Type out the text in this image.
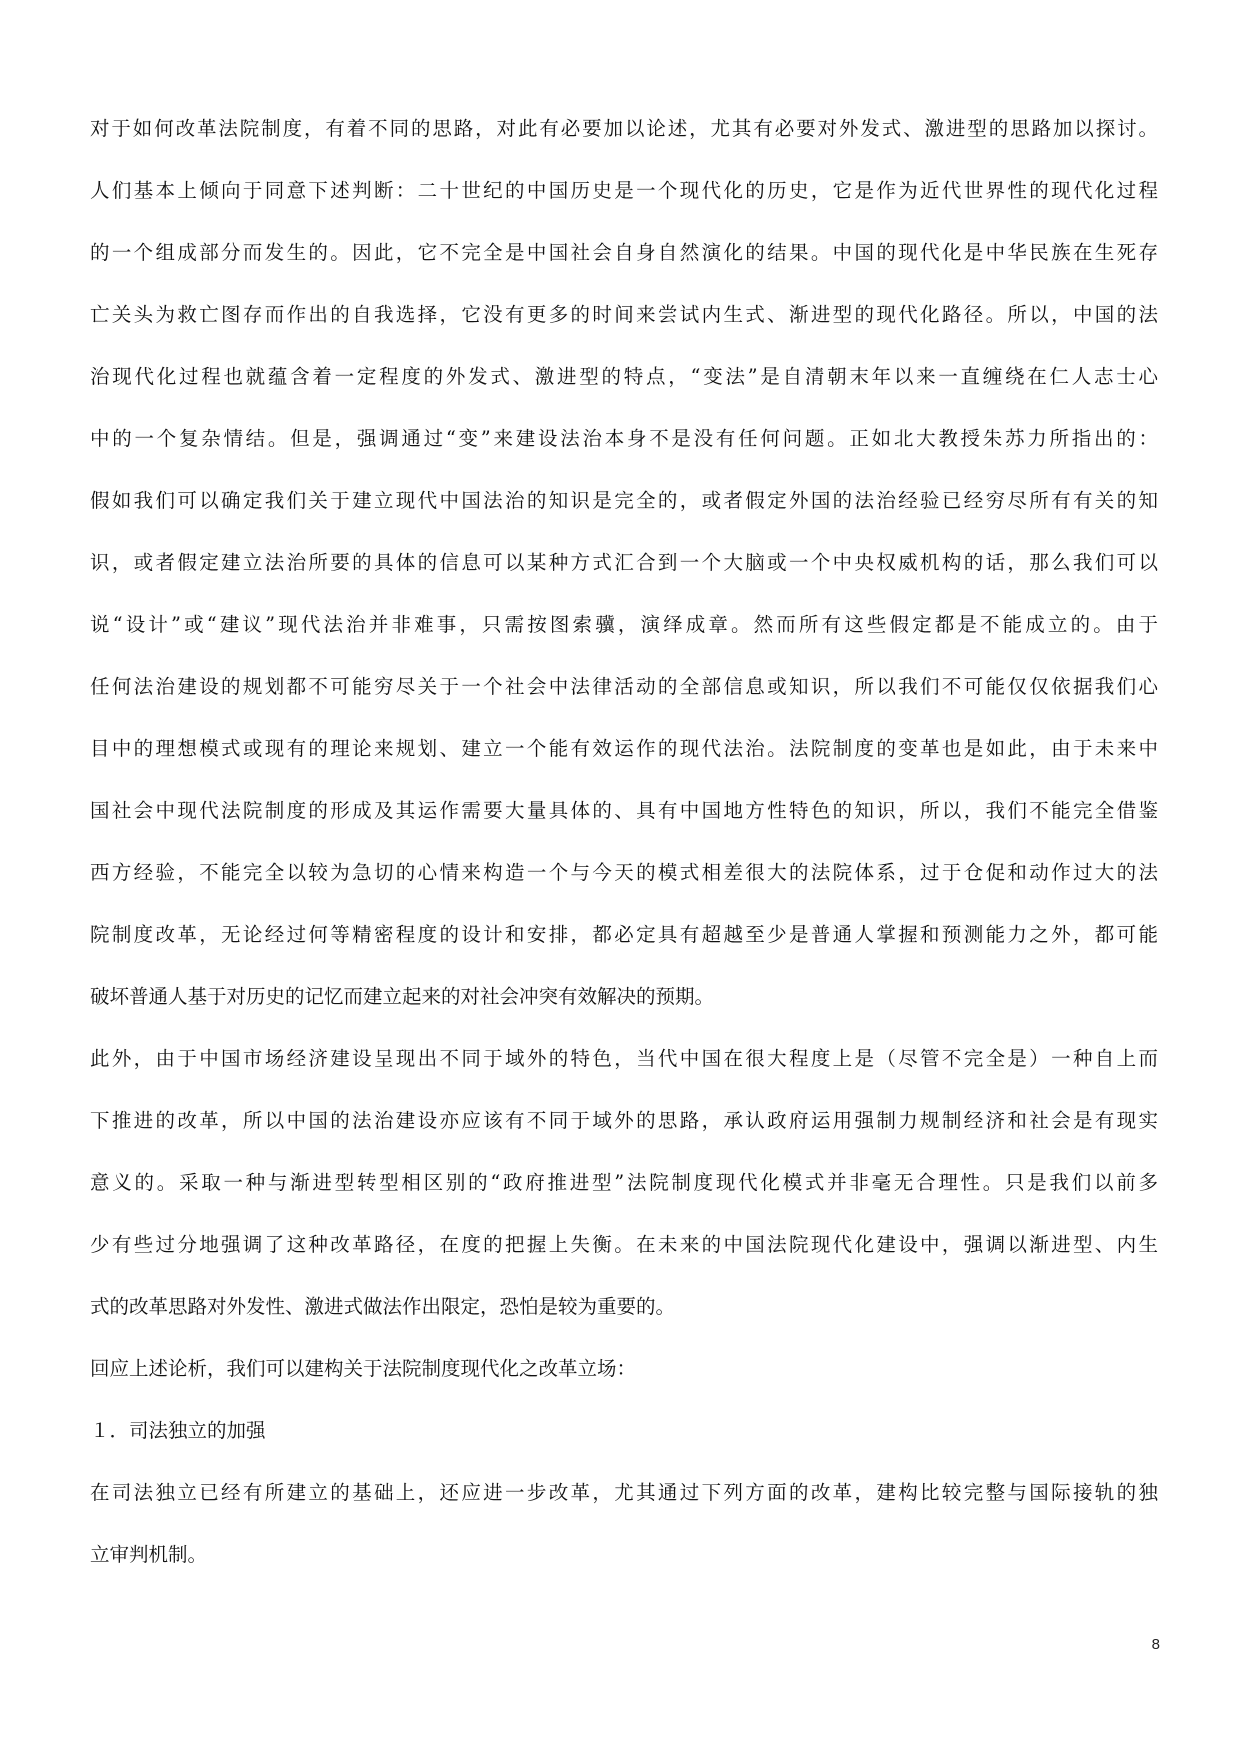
对于如何改革法院制度，有着不同的思路，对此有必要加以论述，尤其有必要对外发式、激进型的思路加以探讨。
人们基本上倾向于同意下述判断：二十世纪的中国历史是一个现代化的历史，它是作为近代世界性的现代化过程
的一个组成部分而发生的。因此，它不完全是中国社会自身自然演化的结果。中国的现代化是中华民族在生死存
亡关头为救亡图存而作出的自我选择，它没有更多的时间来尝试内生式、渐进型的现代化路径。所以，中国的法
治现代化过程也就蕴含着一定程度的外发式、激进型的特点，“变法”是自清朝末年以来一直缠绕在仁人志士心
中的一个复杂情结。但是，强调通过“变”来建设法治本身不是没有任何问题。正如北大教授朱苏力所指出的：
假如我们可以确定我们关于建立现代中国法治的知识是完全的，或者假定外国的法治经验已经穷尽所有有关的知
识，或者假定建立法治所要的具体的信息可以某种方式汇合到一个大脑或一个中央权威机构的话，那么我们可以
说“设计”或“建议”现代法治并非难事，只需按图索骥，演绎成章。然而所有这些假定都是不能成立的。由于
任何法治建设的规划都不可能穷尽关于一个社会中法律活动的全部信息或知识，所以我们不可能仅仅依据我们心
目中的理想模式或现有的理论来规划、建立一个能有效运作的现代法治。法院制度的变革也是如此，由于未来中
国社会中现代法院制度的形成及其运作需要大量具体的、具有中国地方性特色的知识，所以，我们不能完全借鉴
西方经验，不能完全以较为急切的心情来构造一个与今天的模式相差很大的法院体系，过于仓促和动作过大的法
院制度改革，无论经过何等精密程度的设计和安排，都必定具有超越至少是普通人掌握和预测能力之外，都可能
破坏普通人基于对历史的记忆而建立起来的对社会冲突有效解决的预期。
此外，由于中国市场经济建设呈现出不同于域外的特色，当代中国在很大程度上是（尽管不完全是）一种自上而
下推进的改革，所以中国的法治建设亦应该有不同于域外的思路，承认政府运用强制力规制经济和社会是有现实
意义的。采取一种与渐进型转型相区别的“政府推进型”法院制度现代化模式并非毫无合理性。只是我们以前多
少有些过分地强调了这种改革路径，在度的把握上失衡。在未来的中国法院现代化建设中，强调以渐进型、内生
式的改革思路对外发性、激进式做法作出限定，恐怕是较为重要的。
回应上述论析，我们可以建构关于法院制度现代化之改革立场：
１．司法独立的加强
在司法独立已经有所建立的基础上，还应进一步改革，尤其通过下列方面的改革，建构比较完整与国际接轨的独
立审判机制。
8
